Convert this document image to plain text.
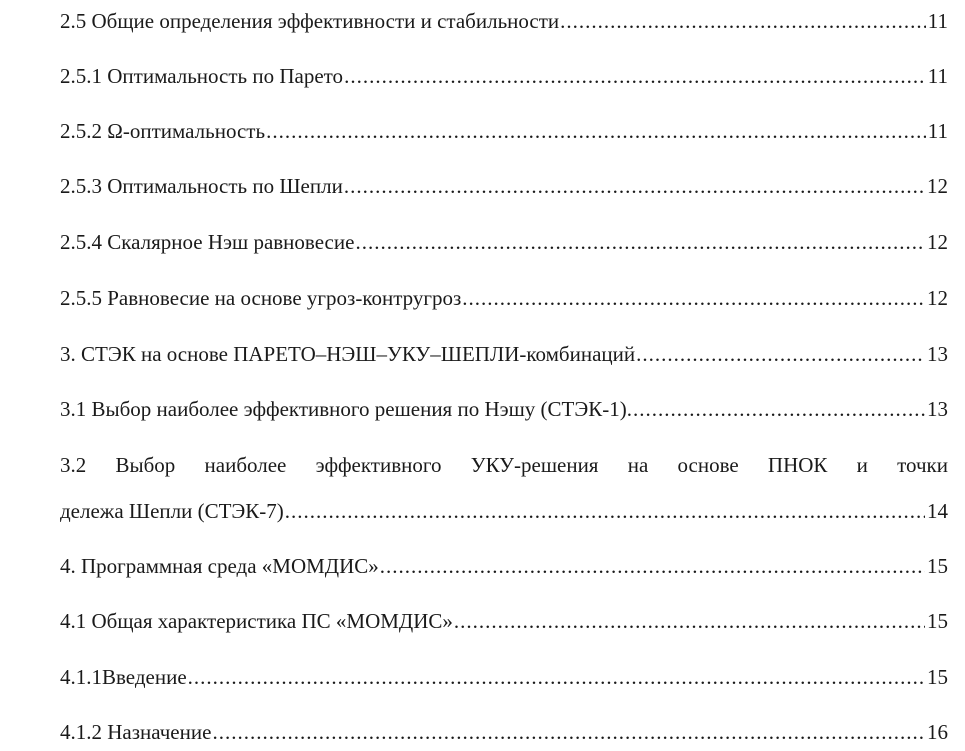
2.5 Общие определения эффективности и стабильности .....	11
2.5.1 Оптимальность по Парето .....	11
2.5.2 Ω-оптимальность .....	11
2.5.3 Оптимальность по Шепли .....	12
2.5.4 Скалярное Нэш равновесие .....	12
2.5.5 Равновесие на основе угроз-контругроз .....	12
3. СТЭК на основе ПАРЕТО–НЭШ–УКУ–ШЕПЛИ-комбинаций .....	13
3.1 Выбор наиболее эффективного решения по Нэшу (СТЭК-1). .....	13
3.2 Выбор наиболее эффективного УКУ-решения на основе ПНОК и точки
дележа Шепли (СТЭК-7) .....	14
4. Программная среда «МОМДИС» .....	15
4.1 Общая характеристика ПС «МОМДИС» .....	15
4.1.1Введение .....	15
4.1.2 Назначение .....	16
